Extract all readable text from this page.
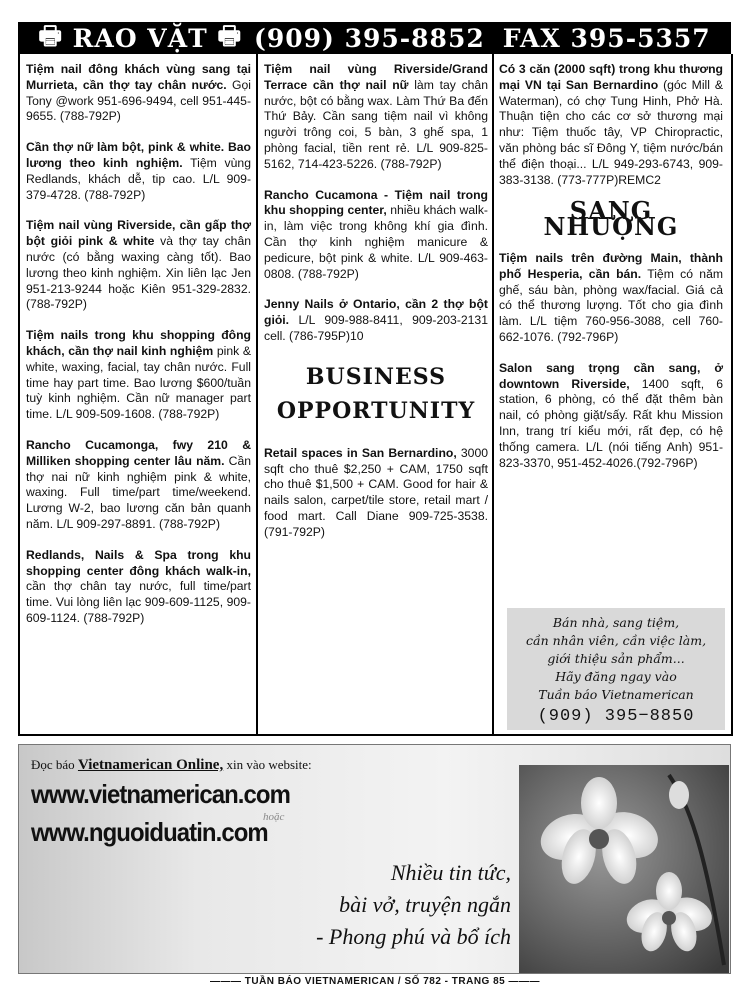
🖶
RAO VẶT
🖶 (909) 395-8852 FAX 395-5357

Tiệm nail đông khách vùng sang tại Murrieta, cần thợ tay chân nước. Gọi Tony @work 951-696-9494, cell 951-445-9655. (788-792P)

Cần thợ nữ làm bột, pink & white. Bao lương theo kinh nghiệm. Tiệm vùng Redlands, khách dễ, tip cao. L/L 909-379-4728. (788-792P)

Tiệm nail vùng Riverside, cần gấp thợ bột giỏi pink & white và thợ tay chân nước (có bằng waxing càng tốt). Bao lương theo kinh nghiệm. Xin liên lạc Jen 951-213-9244 hoặc Kiên 951-329-2832. (788-792P)

Tiệm nails trong khu shopping đông khách, cần thợ nail kinh nghiệm pink & white, waxing, facial, tay chân nước. Full time hay part time. Bao lương $600/tuần tuỳ kinh nghiệm. Cần nữ manager part time. L/L 909-509-1608. (788-792P)

Rancho Cucamonga, fwy 210 & Milliken shopping center lâu năm. Cần thợ nai nữ kinh nghiệm pink & white, waxing. Full time/part time/weekend. Lương W-2, bao lương căn bản quanh năm. L/L 909-297-8891. (788-792P)

Redlands, Nails & Spa trong khu shopping center đông khách walk-in, cần thợ chân tay nước, full time/part time. Vui lòng liên lạc 909-609-1125, 909-609-1124. (788-792P)

Tiệm nail vùng Riverside/Grand Terrace cần thợ nail nữ làm tay chân nước, bột có bằng wax. Làm Thứ Ba đến Thứ Bảy. Cần sang tiệm nail vì không người trông coi, 5 bàn, 3 ghế spa, 1 phòng facial, tiền rent rẻ. L/L 909-825-5162, 714-423-5226. (788-792P)

Rancho Cucamona - Tiệm nail trong khu shopping center, nhiều khách walk-in, làm việc trong không khí gia đình. Cần thợ kinh nghiệm manicure & pedicure, bột pink & white. L/L 909-463-0808. (788-792P)

Jenny Nails ở Ontario, cần 2 thợ bột giỏi. L/L 909-988-8411, 909-203-2131 cell. (786-795P)10

BUSINESS OPPORTUNITY

Retail spaces in San Bernardino, 3000 sqft cho thuê $2,250 + CAM, 1750 sqft cho thuê $1,500 + CAM. Good for hair & nails salon, carpet/tile store, retail mart / food mart. Call Diane 909-725-3538. (791-792P)

Có 3 căn (2000 sqft) trong khu thương mại VN tại San Bernardino (góc Mill & Waterman), có chợ Tung Hinh, Phở Hà. Thuận tiện cho các cơ sở thương mại như: Tiệm thuốc tây, VP Chiropractic, văn phòng bác sĩ Đông Y, tiệm nước/bán thể điện thoại... L/L 949-293-6743, 909-383-3138. (773-777P)REMC2

SANG NHƯỢNG

Tiệm nails trên đường Main, thành phố Hesperia, cần bán. Tiệm có năm ghế, sáu bàn, phòng wax/facial. Giá cả có thể thương lượng. Tốt cho gia đình làm. L/L tiệm 760-956-3088, cell 760-662-1076. (792-796P)

Salon sang trọng cần sang, ở downtown Riverside, 1400 sqft, 6 station, 6 phòng, có thể đặt thêm bàn nail, có phòng giặt/sấy. Rất khu Mission Inn, trang trí kiểu mới, rất đẹp, có hệ thống camera. L/L (nói tiếng Anh) 951-823-3370, 951-452-4026.(792-796P)

Bán nhà, sang tiệm,
cần nhân viên, cần việc làm,
giới thiệu sản phẩm...
Hãy đăng ngay vào
Tuần báo Vietnamerican
(909) 395−8850
Đọc báo Vietnamerican Online, xin vào website:
www.vietnamerican.com
hoặc
www.nguoiduatin.com
Nhiều tin tức,
bài vở, truyện ngắn
- Phong phú và bổ ích
——— TUẦN BÁO VIETNAMERICAN / SỐ 782 - TRANG 85 ———
